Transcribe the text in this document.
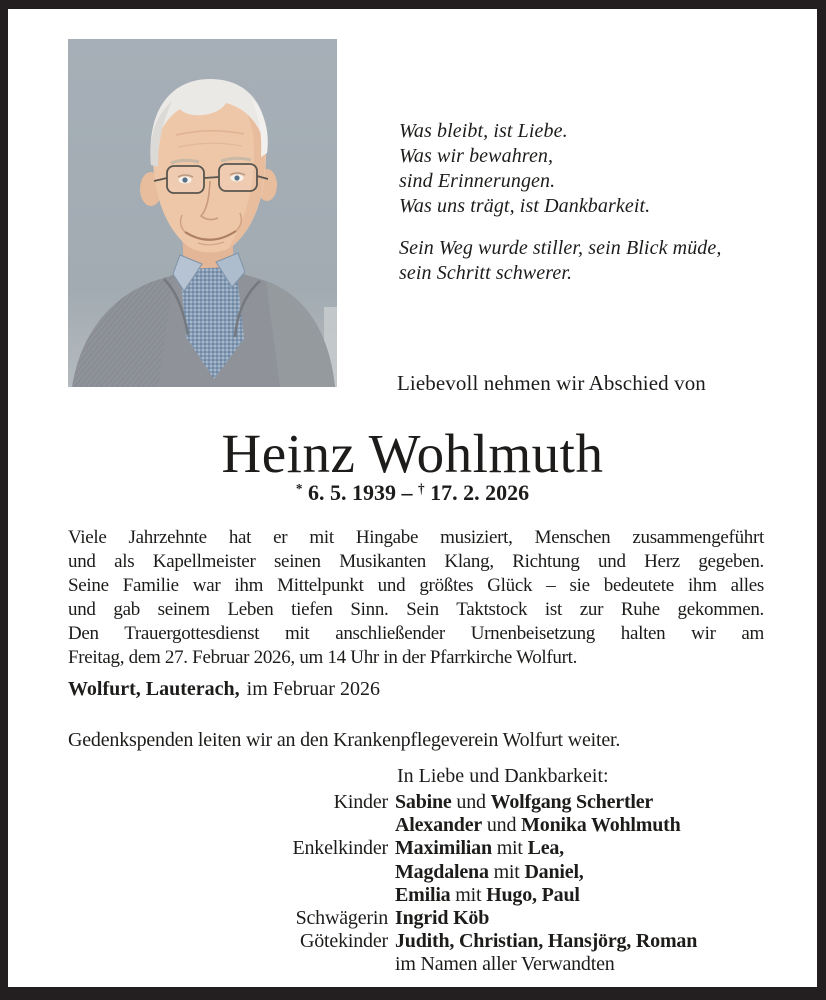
Was bleibt, ist Liebe.
Was wir bewahren,
sind Erinnerungen.
Was uns trägt, ist Dankbarkeit.
Sein Weg wurde stiller, sein Blick müde,
sein Schritt schwerer.
Liebevoll nehmen wir Abschied von
Heinz Wohlmuth
* 6. 5. 1939 – † 17. 2. 2026
Viele Jahrzehnte hat er mit Hingabe musiziert, Menschen zusammengeführt
und als Kapellmeister seinen Musikanten Klang, Richtung und Herz gegeben.
Seine Familie war ihm Mittelpunkt und größtes Glück – sie bedeutete ihm alles
und gab seinem Leben tiefen Sinn. Sein Taktstock ist zur Ruhe gekommen.
Den Trauergottesdienst mit anschließender Urnenbeisetzung halten wir am
Freitag, dem 27. Februar 2026, um 14 Uhr in der Pfarrkirche Wolfurt.
Wolfurt, Lauterach, im Februar 2026
Gedenkspenden leiten wir an den Krankenpflegeverein Wolfurt weiter.
In Liebe und Dankbarkeit:
Kinder Sabine und Wolfgang Schertler
Alexander und Monika Wohlmuth
Enkelkinder Maximilian mit Lea,
Magdalena mit Daniel,
Emilia mit Hugo, Paul
Schwägerin Ingrid Köb
Götekinder Judith, Christian, Hansjörg, Roman
im Namen aller Verwandten
